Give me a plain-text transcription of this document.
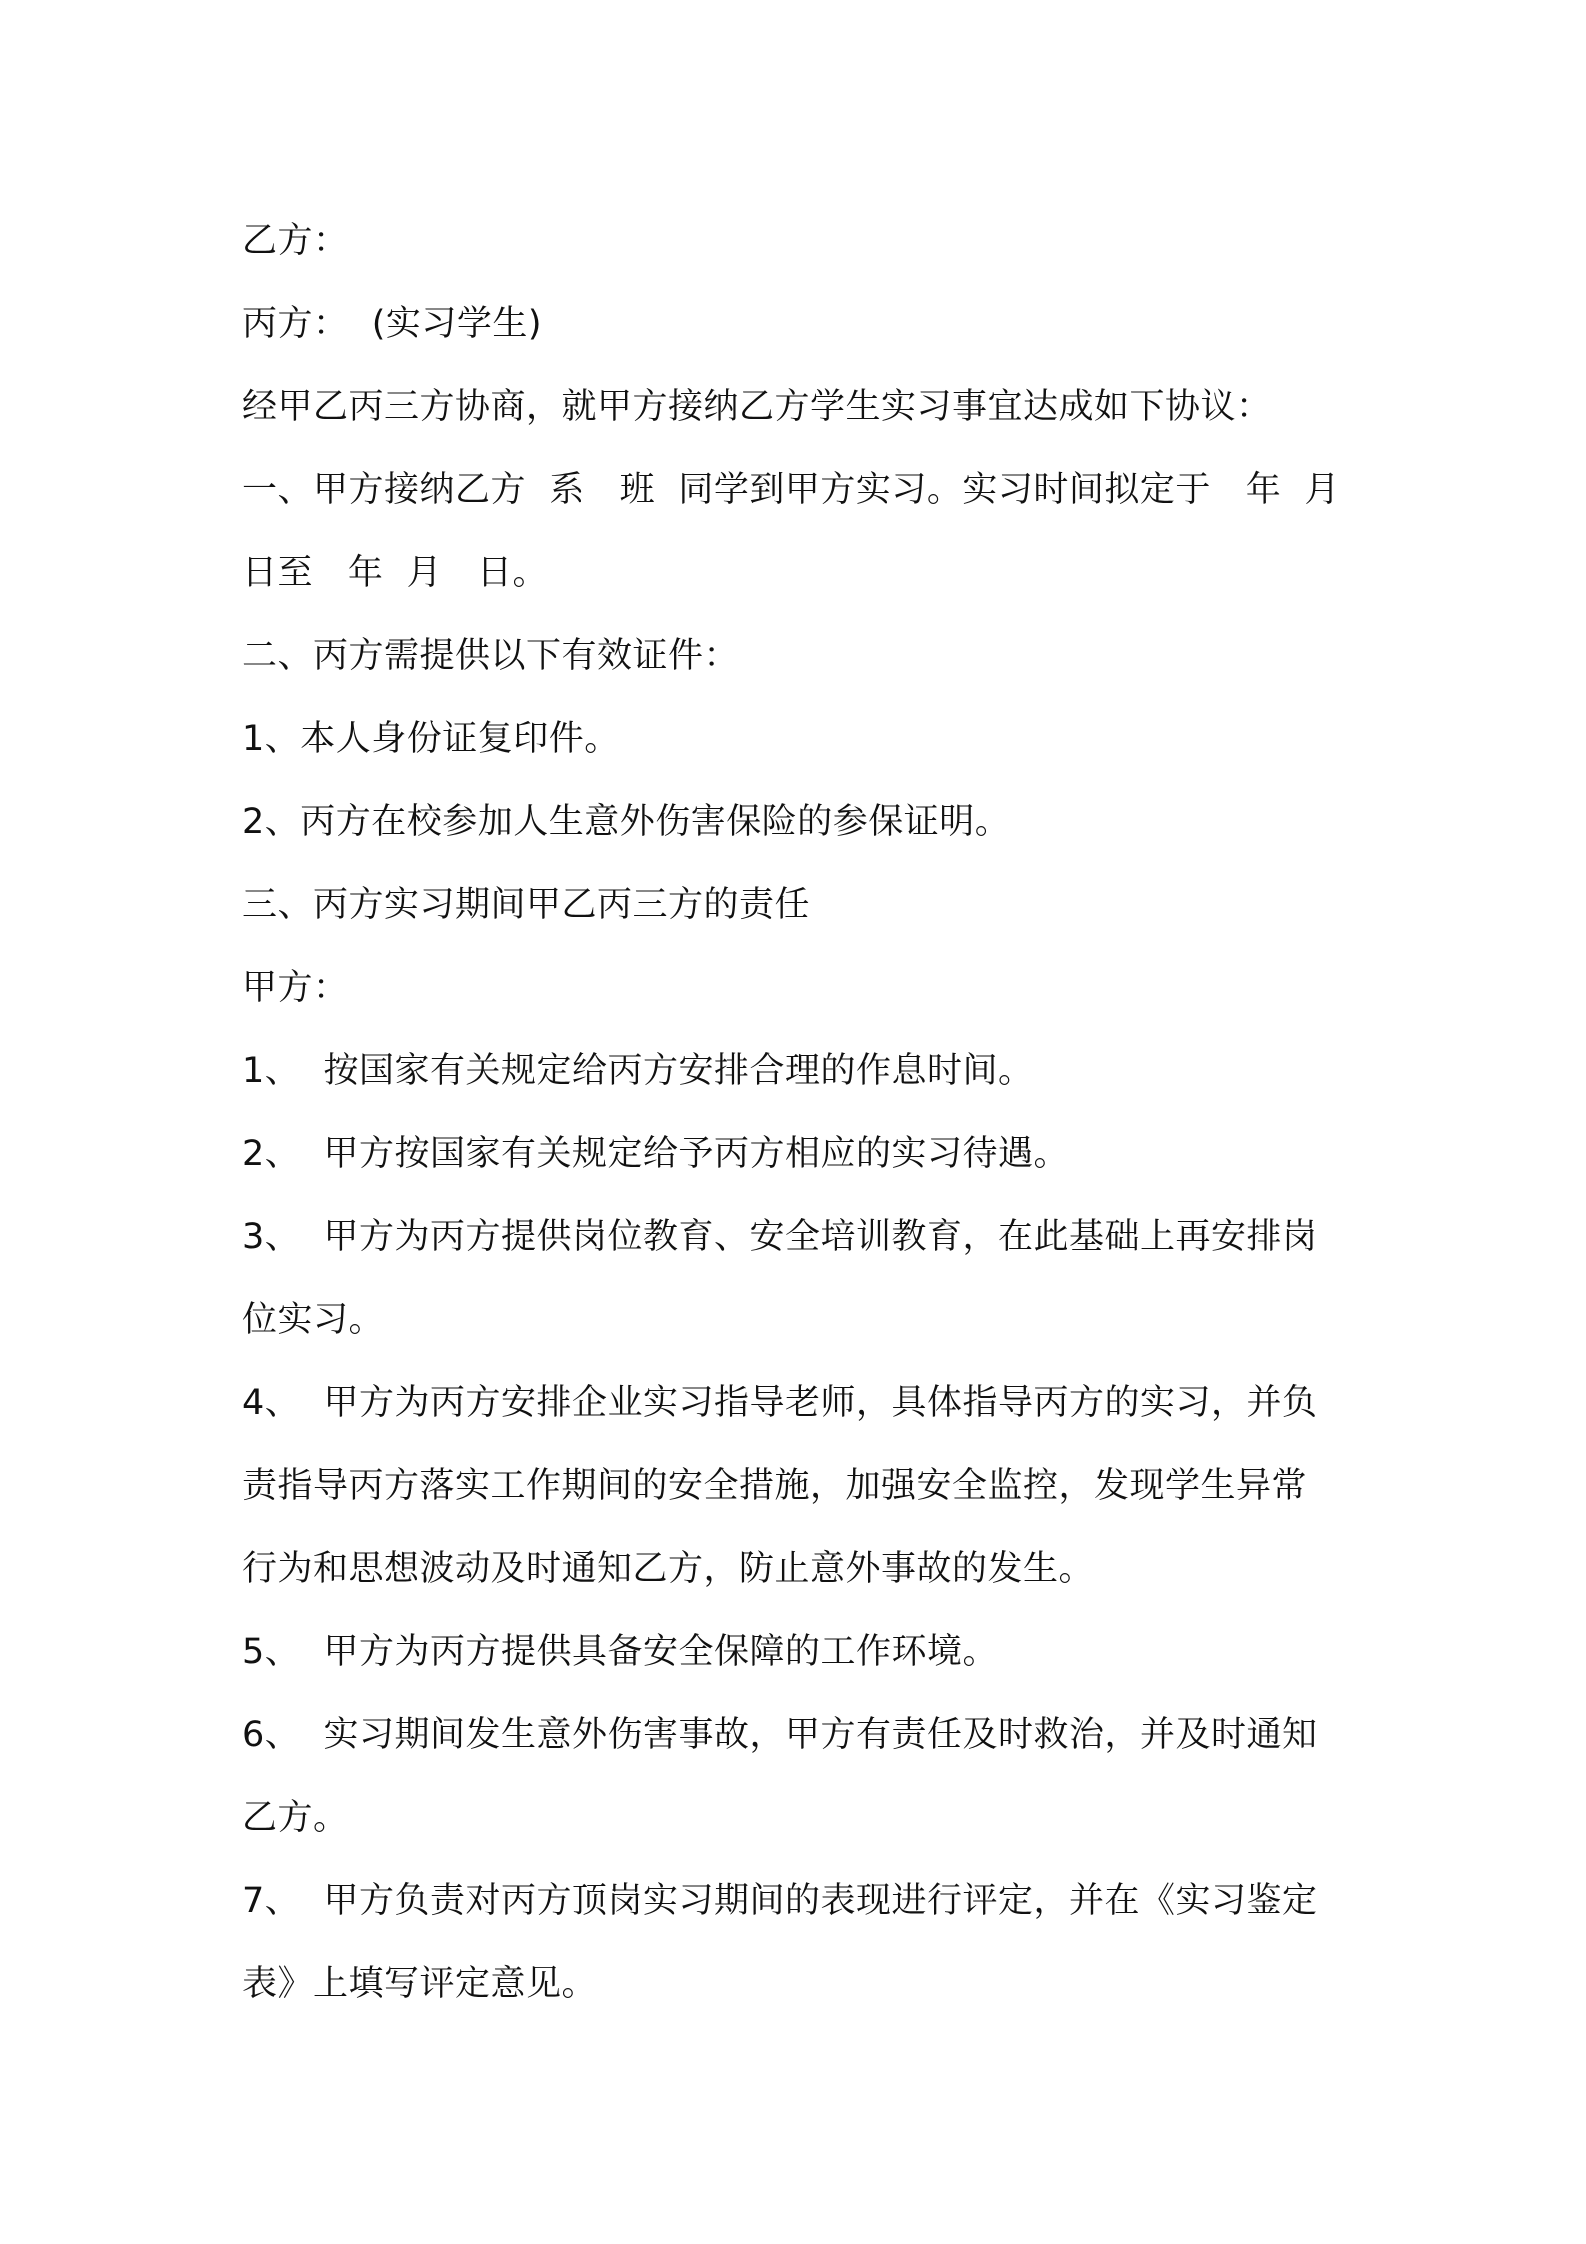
乙方：
丙方：  (实习学生)
经甲乙丙三方协商，就甲方接纳乙方学生实习事宜达成如下协议：
一、甲方接纳乙方  系   班  同学到甲方实习。实习时间拟定于   年  月
日至   年  月   日。
二、丙方需提供以下有效证件：
1、本人身份证复印件。
2、丙方在校参加人生意外伤害保险的参保证明。
三、丙方实习期间甲乙丙三方的责任
甲方：
1、  按国家有关规定给丙方安排合理的作息时间。
2、  甲方按国家有关规定给予丙方相应的实习待遇。
3、  甲方为丙方提供岗位教育、安全培训教育，在此基础上再安排岗
位实习。
4、  甲方为丙方安排企业实习指导老师，具体指导丙方的实习，并负
责指导丙方落实工作期间的安全措施，加强安全监控，发现学生异常
行为和思想波动及时通知乙方，防止意外事故的发生。
5、  甲方为丙方提供具备安全保障的工作环境。
6、  实习期间发生意外伤害事故，甲方有责任及时救治，并及时通知
乙方。
7、  甲方负责对丙方顶岗实习期间的表现进行评定，并在《实习鉴定
表》上填写评定意见。
